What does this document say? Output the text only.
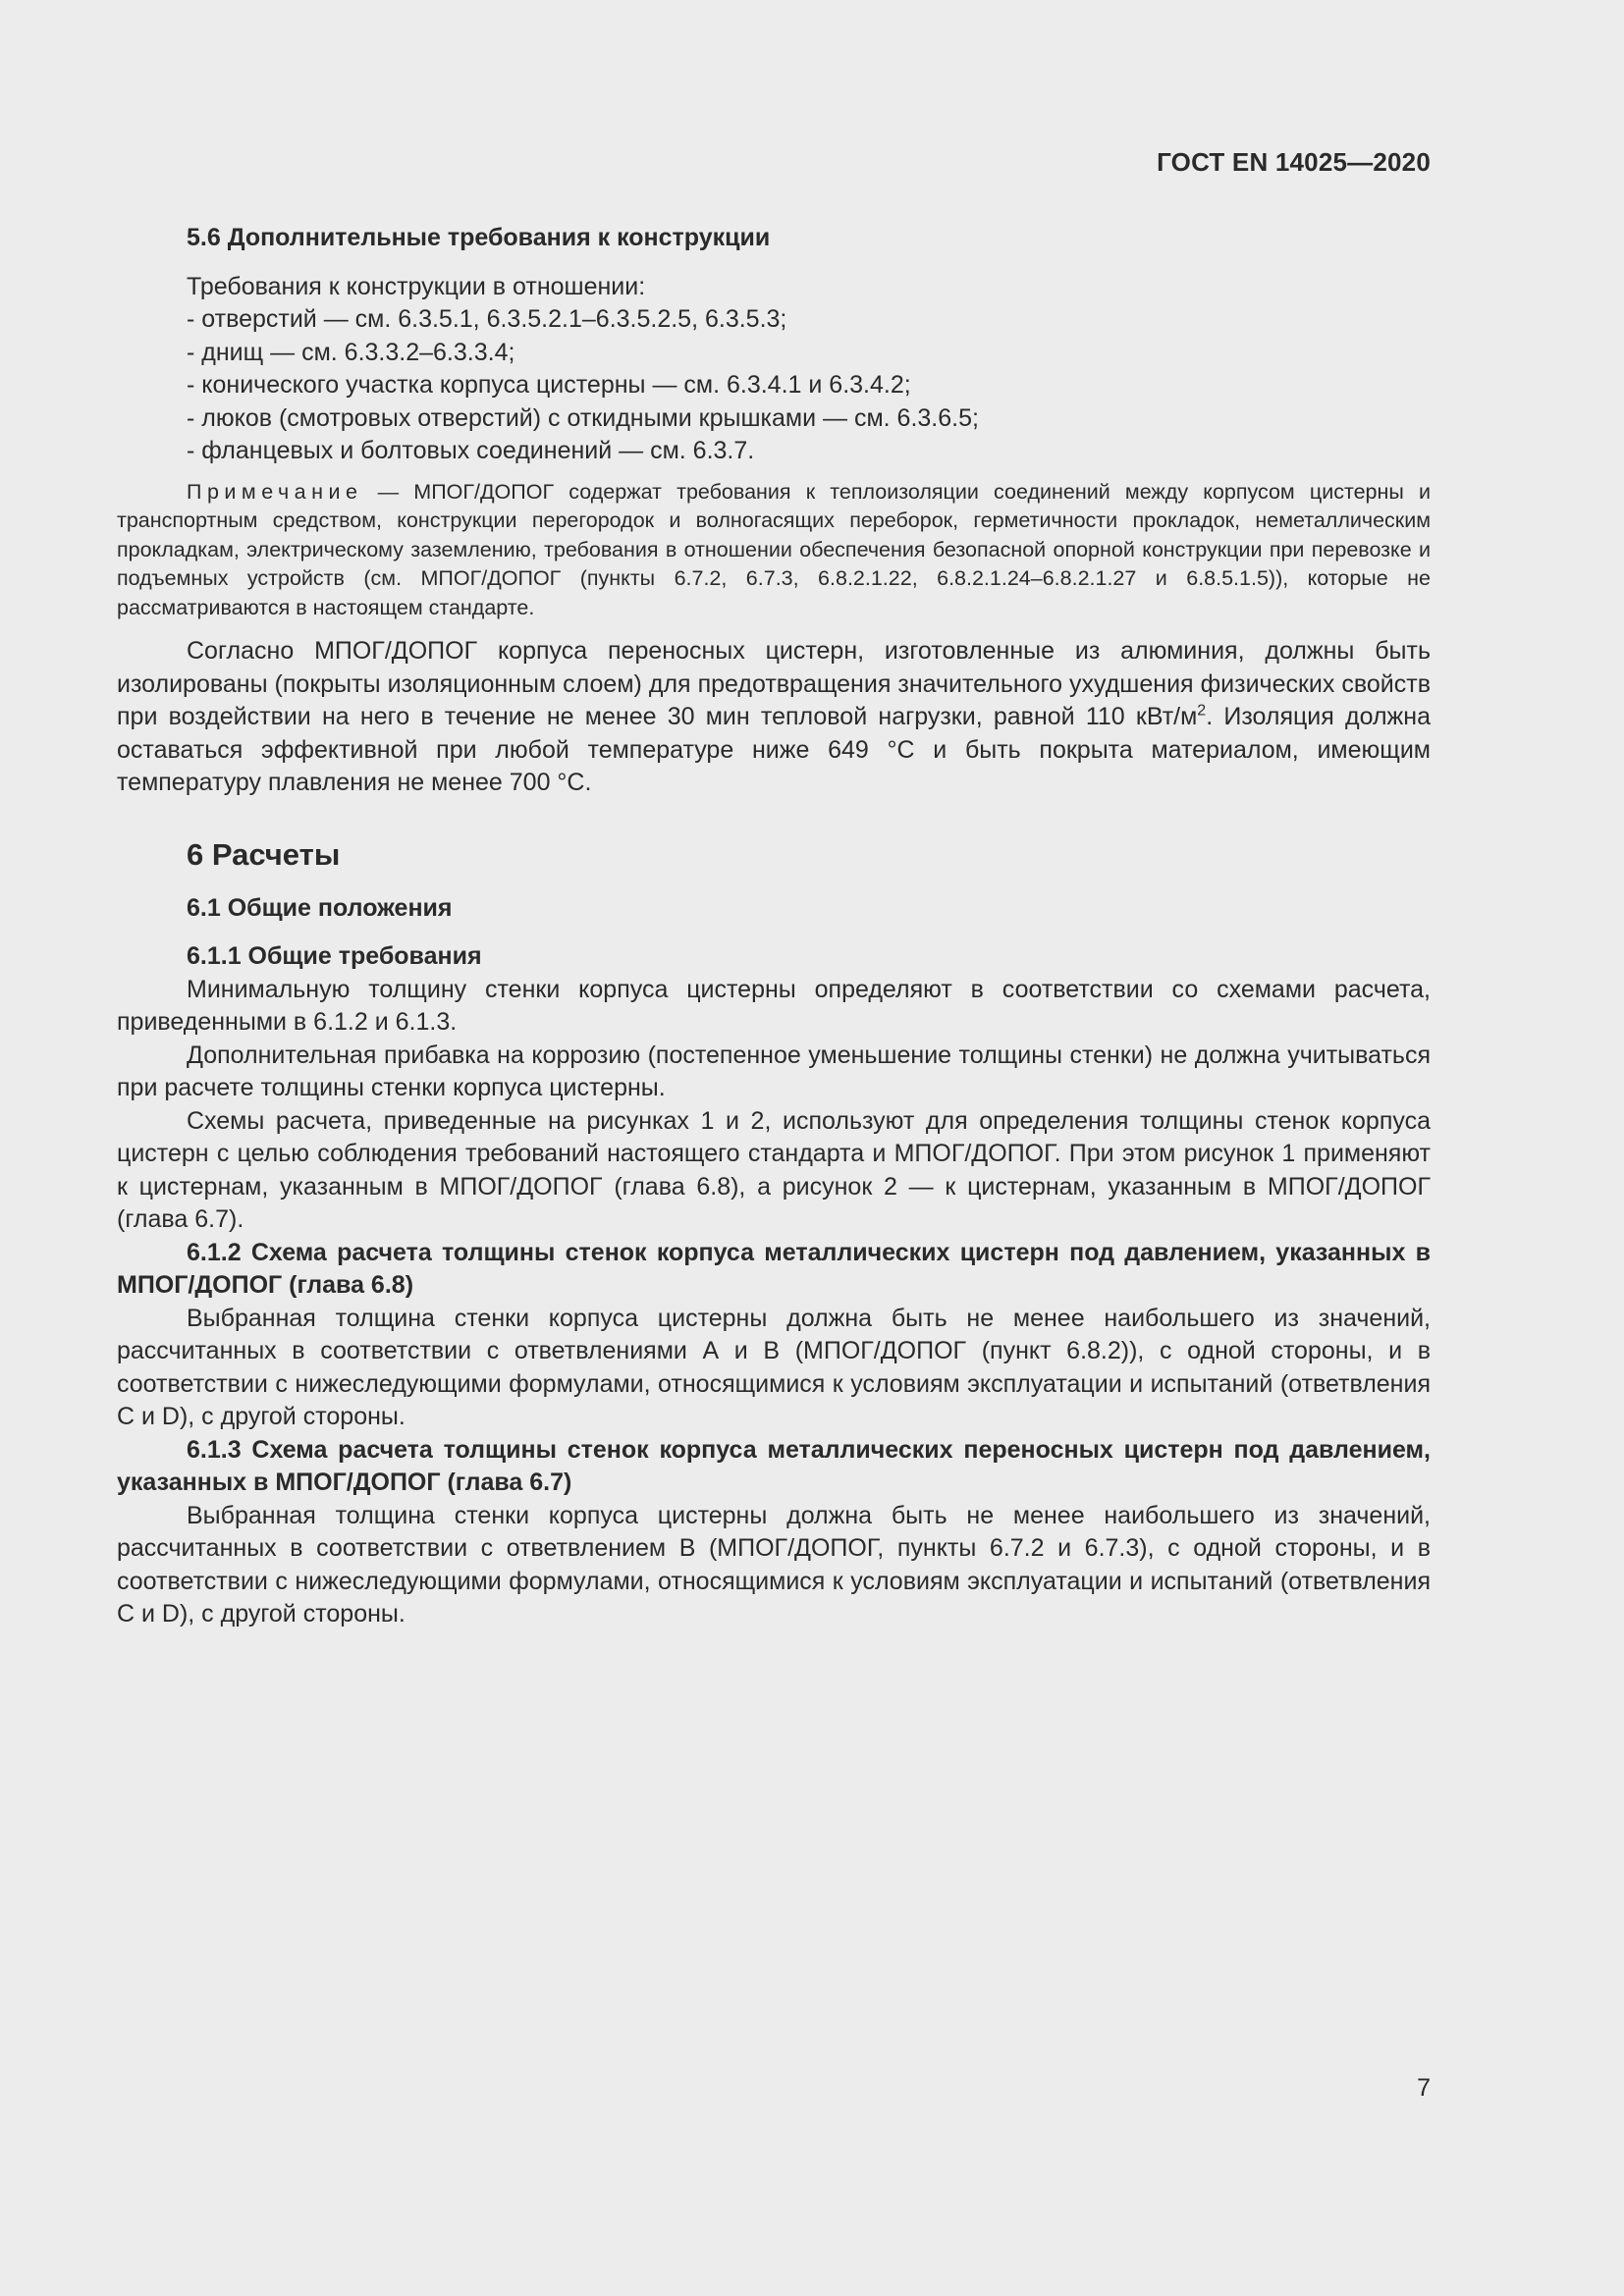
ГОСТ EN 14025—2020
5.6 Дополнительные требования к конструкции

Требования к конструкции в отношении:

- отверстий — см. 6.3.5.1, 6.3.5.2.1–6.3.5.2.5, 6.3.5.3;
- днищ — см. 6.3.3.2–6.3.3.4;
- конического участка корпуса цистерны — см. 6.3.4.1 и 6.3.4.2;
- люков (смотровых отверстий) с откидными крышками — см. 6.3.6.5;
- фланцевых и болтовых соединений — см. 6.3.7.

Примечание — МПОГ/ДОПОГ содержат требования к теплоизоляции соединений между корпусом цистерны и транспортным средством, конструкции перегородок и волногасящих переборок, герметичности прокладок, неметаллическим прокладкам, электрическому заземлению, требования в отношении обеспечения безопасной опорной конструкции при перевозке и подъемных устройств (см. МПОГ/ДОПОГ (пункты 6.7.2, 6.7.3, 6.8.2.1.22, 6.8.2.1.24–6.8.2.1.27 и 6.8.5.1.5)), которые не рассматриваются в настоящем стандарте.

Согласно МПОГ/ДОПОГ корпуса переносных цистерн, изготовленные из алюминия, должны быть изолированы (покрыты изоляционным слоем) для предотвращения значительного ухудшения физических свойств при воздействии на него в течение не менее 30 мин тепловой нагрузки, равной 110 кВт/$м^2$. Изоляция должна оставаться эффективной при любой температуре ниже 649 °С и быть покрыта материалом, имеющим температуру плавления не менее 700 °С.

6 Расчеты
6.1 Общие положения
6.1.1 Общие требования

Минимальную толщину стенки корпуса цистерны определяют в соответствии со схемами расчета, приведенными в 6.1.2 и 6.1.3.

Дополнительная прибавка на коррозию (постепенное уменьшение толщины стенки) не должна учитываться при расчете толщины стенки корпуса цистерны.

Схемы расчета, приведенные на рисунках 1 и 2, используют для определения толщины стенок корпуса цистерн с целью соблюдения требований настоящего стандарта и МПОГ/ДОПОГ. При этом рисунок 1 применяют к цистернам, указанным в МПОГ/ДОПОГ (глава 6.8), а рисунок 2 — к цистернам, указанным в МПОГ/ДОПОГ (глава 6.7).

6.1.2 Схема расчета толщины стенок корпуса металлических цистерн под давлением, указанных в МПОГ/ДОПОГ (глава 6.8)

Выбранная толщина стенки корпуса цистерны должна быть не менее наибольшего из значений, рассчитанных в соответствии с ответвлениями А и В (МПОГ/ДОПОГ (пункт 6.8.2)), с одной стороны, и в соответствии с нижеследующими формулами, относящимися к условиям эксплуатации и испытаний (ответвления С и D), с другой стороны.

6.1.3 Схема расчета толщины стенок корпуса металлических переносных цистерн под давлением, указанных в МПОГ/ДОПОГ (глава 6.7)

Выбранная толщина стенки корпуса цистерны должна быть не менее наибольшего из значений, рассчитанных в соответствии с ответвлением В (МПОГ/ДОПОГ, пункты 6.7.2 и 6.7.3), с одной стороны, и в соответствии с нижеследующими формулами, относящимися к условиям эксплуатации и испытаний (ответвления С и D), с другой стороны.

7
